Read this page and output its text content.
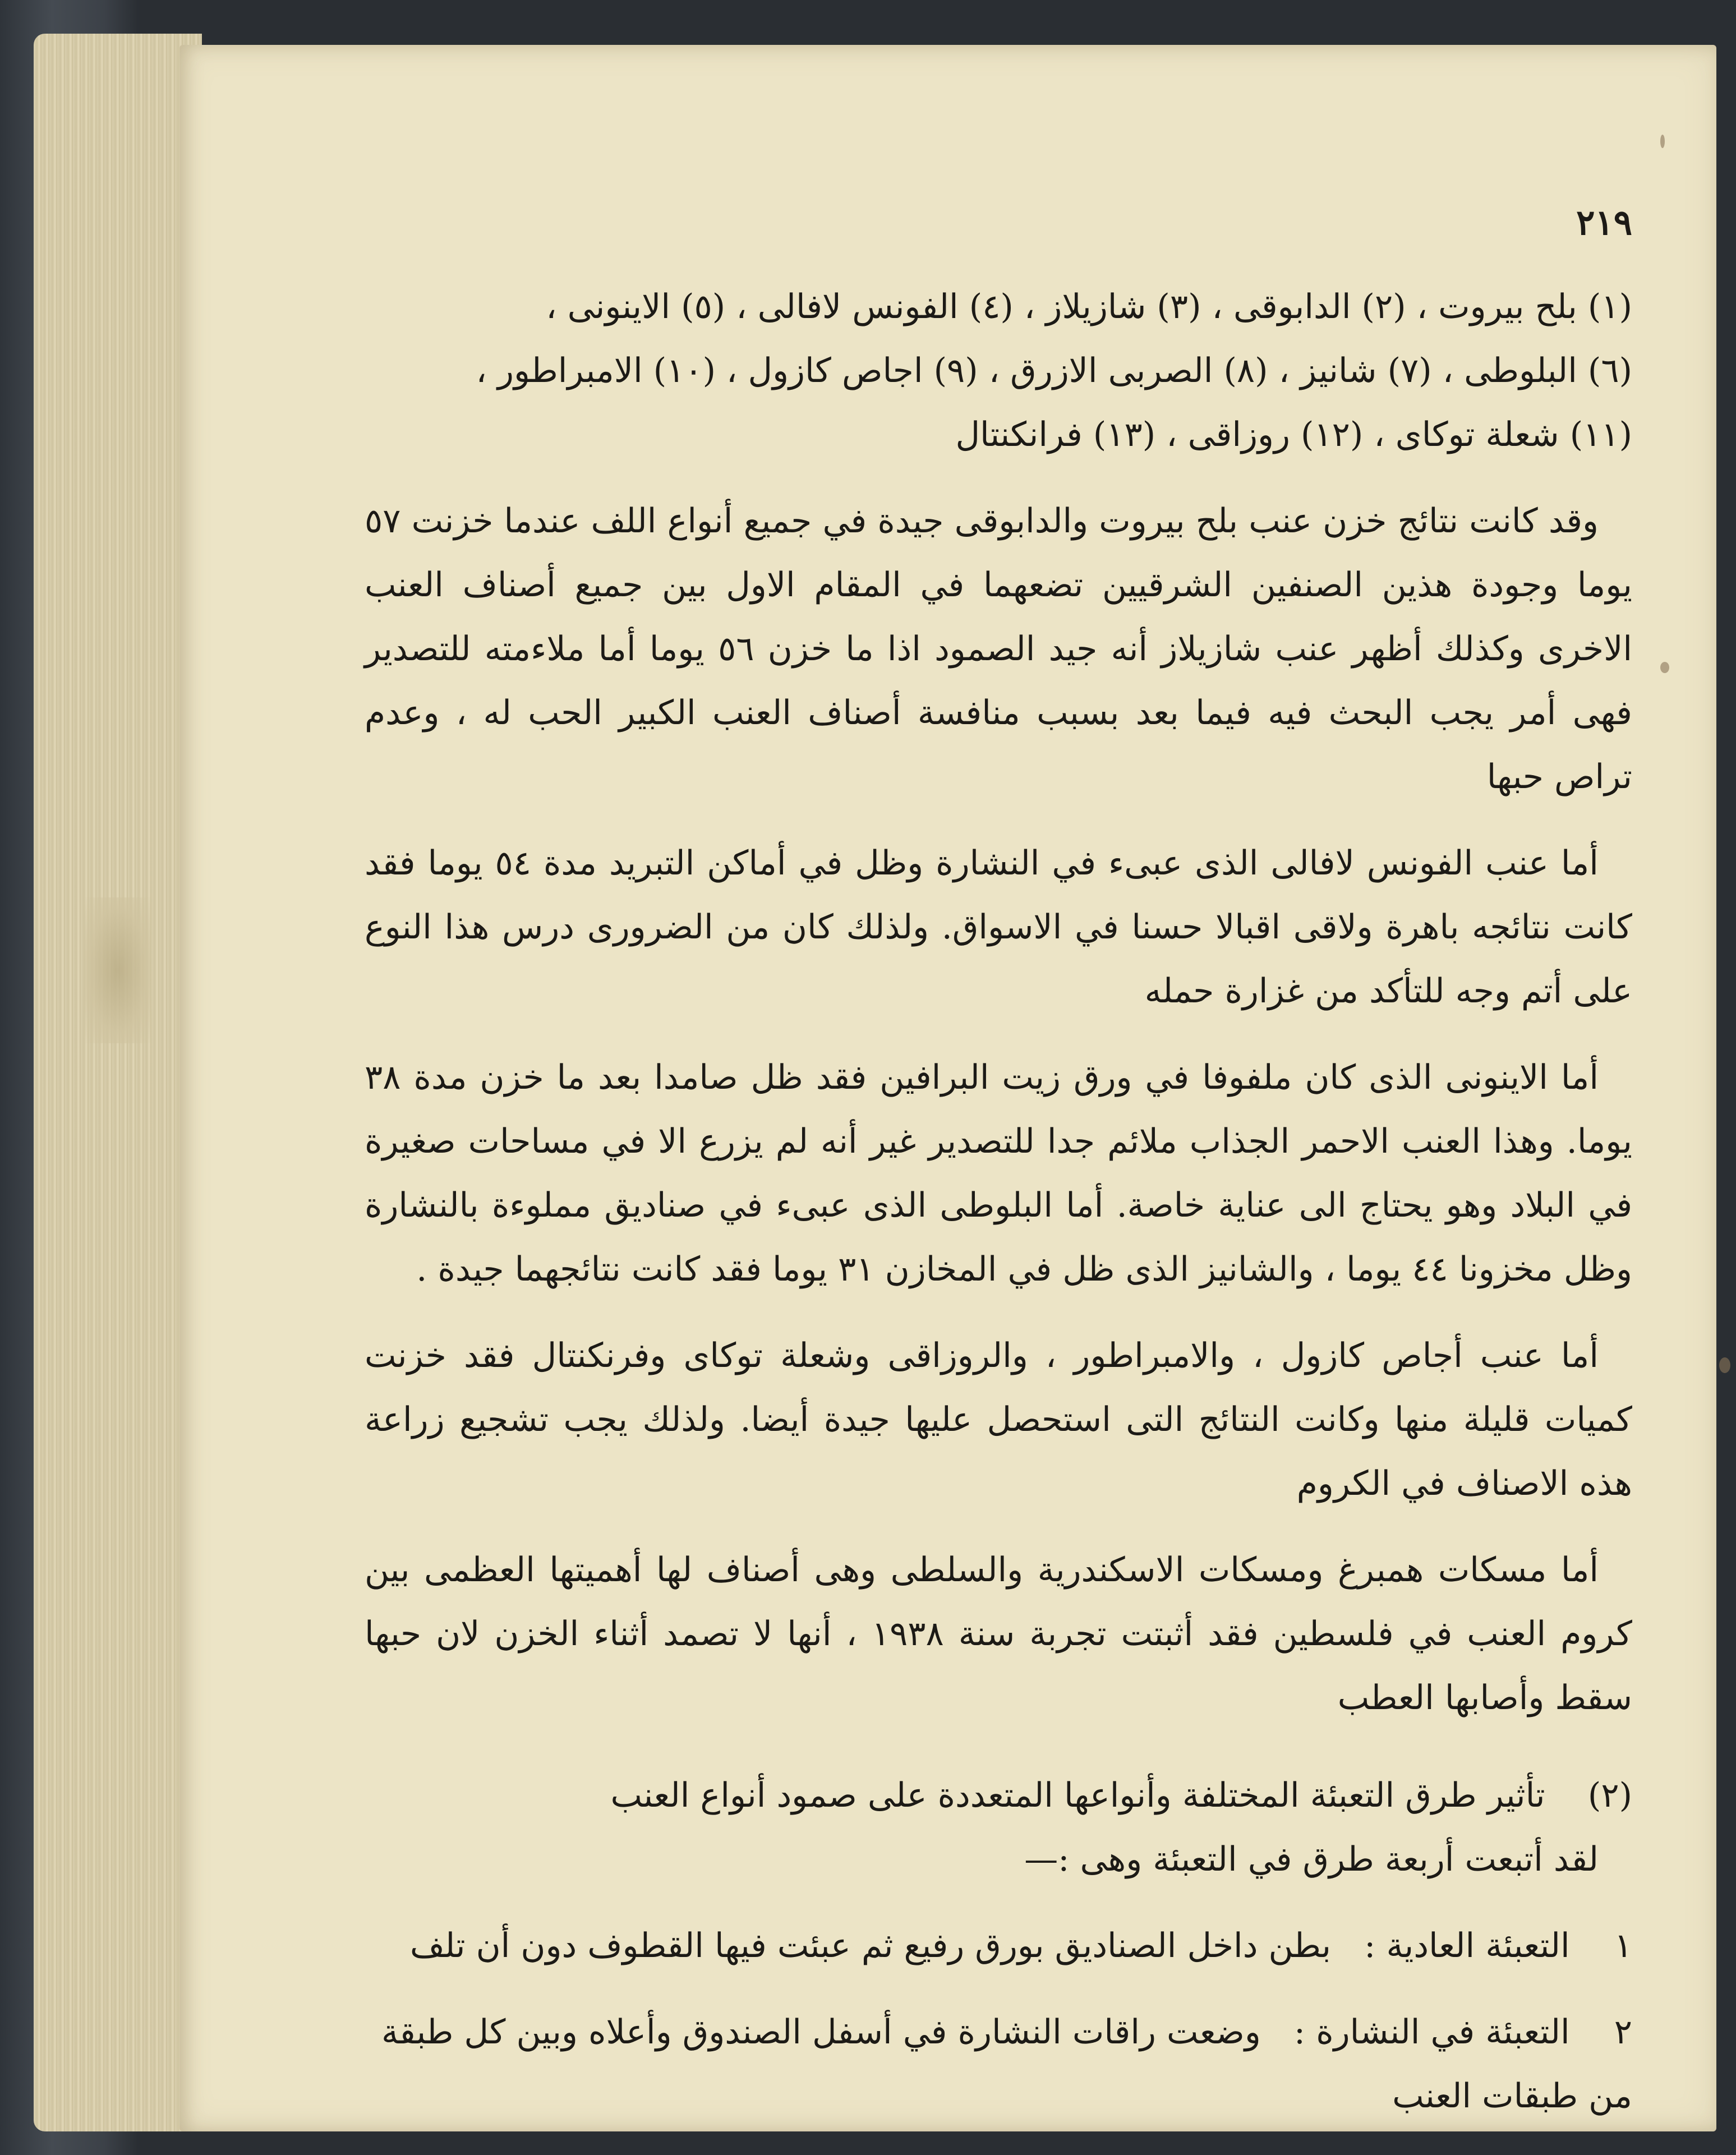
٢١٩
(١) بلح بيروت ، (٢) الدابوقى ، (٣) شازيلاز ، (٤) الفونس لافالى ، (٥) الاينونى ،
(٦) البلوطى ، (٧) شانيز ، (٨) الصربى الازرق ، (٩) اجاص كازول ، (١٠) الامبراطور ،
(١١) شعلة توكاى ، (١٢) روزاقى ، (١٣) فرانكنتال

وقد كانت نتائج خزن عنب بلح بيروت والدابوقى جيدة في جميع أنواع اللف عندما خزنت ٥٧ يوما وجودة هذين الصنفين الشرقيين تضعهما في المقام الاول بين جميع أصناف العنب الاخرى وكذلك أظهر عنب شازيلاز أنه جيد الصمود اذا ما خزن ٥٦ يوما أما ملاءمته للتصدير فهى أمر يجب البحث فيه فيما بعد بسبب منافسة أصناف العنب الكبير الحب له ، وعدم تراص حبها

أما عنب الفونس لافالى الذى عبىء في النشارة وظل في أماكن التبريد مدة ٥٤ يوما فقد كانت نتائجه باهرة ولاقى اقبالا حسنا في الاسواق. ولذلك كان من الضرورى درس هذا النوع على أتم وجه للتأكد من غزارة حمله

أما الاينونى الذى كان ملفوفا في ورق زيت البرافين فقد ظل صامدا بعد ما خزن مدة ٣٨ يوما. وهذا العنب الاحمر الجذاب ملائم جدا للتصدير غير أنه لم يزرع الا في مساحات صغيرة في البلاد وهو يحتاج الى عناية خاصة. أما البلوطى الذى عبىء في صناديق مملوءة بالنشارة وظل مخزونا ٤٤ يوما ، والشانيز الذى ظل في المخازن ٣١ يوما فقد كانت نتائجهما جيدة .

أما عنب أجاص كازول ، والامبراطور ، والروزاقى وشعلة توكاى وفرنكنتال فقد خزنت كميات قليلة منها وكانت النتائج التى استحصل عليها جيدة أيضا. ولذلك يجب تشجيع زراعة هذه الاصناف في الكروم

أما مسكات همبرغ ومسكات الاسكندرية والسلطى وهى أصناف لها أهميتها العظمى بين كروم العنب في فلسطين فقد أثبتت تجربة سنة ١٩٣٨ ، أنها لا تصمد أثناء الخزن لان حبها سقط وأصابها العطب

(٢)    تأثير طرق التعبئة المختلفة وأنواعها المتعددة على صمود أنواع العنب
لقد أتبعت أربعة طرق في التعبئة وهى :—
١ التعبئة العادية : بطن داخل الصناديق بورق رفيع ثم عبئت فيها القطوف دون أن تلف
٢ التعبئة في النشارة : وضعت راقات النشارة في أسفل الصندوق وأعلاه وبين كل طبقة من طبقات العنب
